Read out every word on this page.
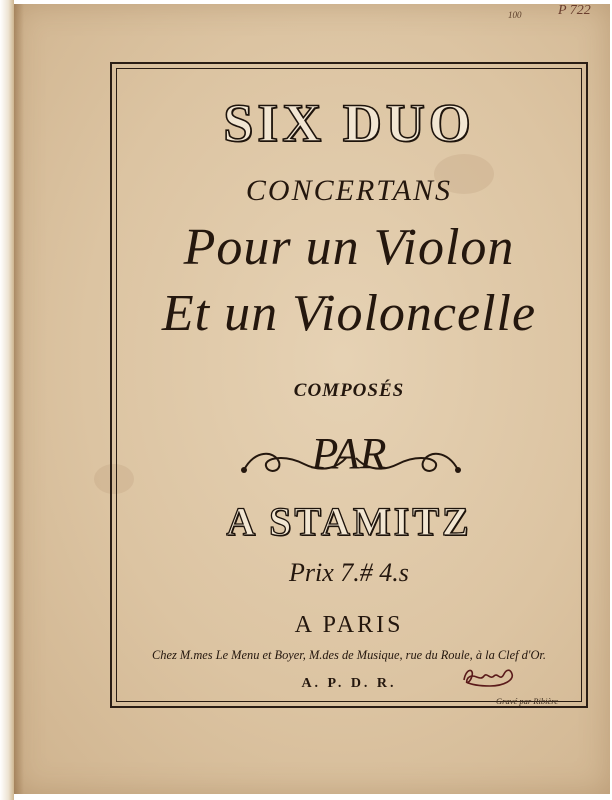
100	P 722
SIX DUO
CONCERTANS
Pour un Violon
Et un Violoncelle
COMPOSÉS
PAR
A STAMITZ
Prix 7.# 4.s
A PARIS
Chez M.mes Le Menu et Boyer, M.des de Musique, rue du Roule, à la Clef d'Or.
A. P. D. R.
Gravé par Ribière
